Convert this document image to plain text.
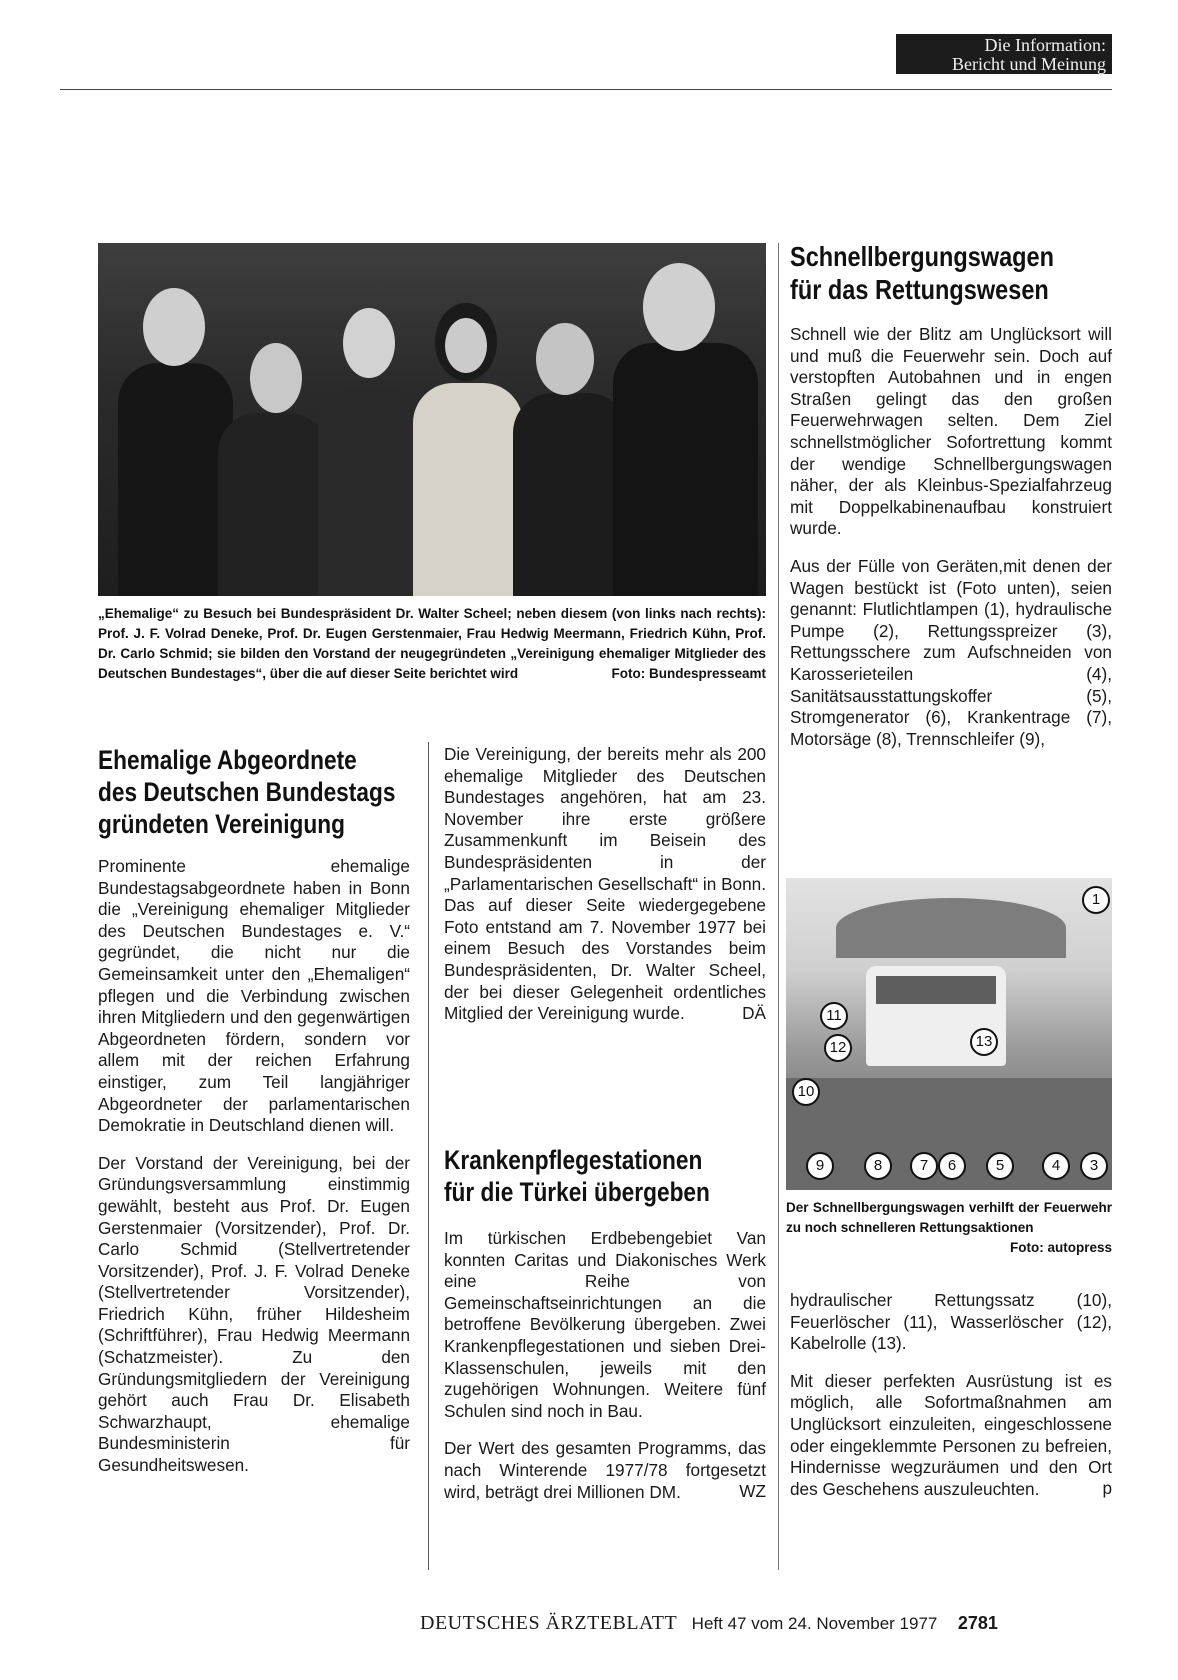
Die Information:
Bericht und Meinung
„Ehemalige“ zu Besuch bei Bundespräsident Dr. Walter Scheel; neben diesem (von links nach rechts): Prof. J. F. Volrad Deneke, Prof. Dr. Eugen Gerstenmaier, Frau Hedwig Meermann, Friedrich Kühn, Prof. Dr. Carlo Schmid; sie bilden den Vorstand der neugegründeten „Vereinigung ehemaliger Mitglieder des Deutschen Bundestages“, über die auf dieser Seite berichtet wird	Foto: Bundespresseamt
Ehemalige Abgeordnete
des Deutschen Bundestags
gründeten Vereinigung

Prominente ehemalige Bundestagsabgeordnete haben in Bonn die „Vereinigung ehemaliger Mitglieder des Deutschen Bundestages e. V.“ gegründet, die nicht nur die Gemeinsamkeit unter den „Ehemaligen“ pflegen und die Verbindung zwischen ihren Mitgliedern und den gegenwärtigen Abgeordneten fördern, sondern vor allem mit der reichen Erfahrung einstiger, zum Teil langjähriger Abgeordneter der parlamentarischen Demokratie in Deutschland dienen will.

Der Vorstand der Vereinigung, bei der Gründungsversammlung einstimmig gewählt, besteht aus Prof. Dr. Eugen Gerstenmaier (Vorsitzender), Prof. Dr. Carlo Schmid (Stellvertretender Vorsitzender), Prof. J. F. Volrad Deneke (Stellvertretender Vorsitzender), Friedrich Kühn, früher Hildesheim (Schriftführer), Frau Hedwig Meermann (Schatzmeister). Zu den Gründungsmitgliedern der Vereinigung gehört auch Frau Dr. Elisabeth Schwarzhaupt, ehemalige Bundesministerin für Gesundheitswesen.

Die Vereinigung, der bereits mehr als 200 ehemalige Mitglieder des Deutschen Bundestages angehören, hat am 23. November ihre erste größere Zusammenkunft im Beisein des Bundespräsidenten in der „Parlamentarischen Gesellschaft“ in Bonn. Das auf dieser Seite wiedergegebene Foto entstand am 7. November 1977 bei einem Besuch des Vorstandes beim Bundespräsidenten, Dr. Walter Scheel, der bei dieser Gelegenheit ordentliches Mitglied der Vereinigung wurde.	DÄ
Krankenpflegestationen
für die Türkei übergeben

Im türkischen Erdbebengebiet Van konnten Caritas und Diakonisches Werk eine Reihe von Gemeinschaftseinrichtungen an die betroffene Bevölkerung übergeben. Zwei Krankenpflegestationen und sieben Drei-Klassenschulen, jeweils mit den zugehörigen Wohnungen. Weitere fünf Schulen sind noch in Bau.

Der Wert des gesamten Programms, das nach Winterende 1977/78 fortgesetzt wird, beträgt drei Millionen DM.	WZ
Schnellbergungswagen
für das Rettungswesen

Schnell wie der Blitz am Unglücksort will und muß die Feuerwehr sein. Doch auf verstopften Autobahnen und in engen Straßen gelingt das den großen Feuerwehrwagen selten. Dem Ziel schnellstmöglicher Sofortrettung kommt der wendige Schnellbergungswagen näher, der als Kleinbus-Spezialfahrzeug mit Doppelkabinenaufbau konstruiert wurde.

Aus der Fülle von Geräten,mit denen der Wagen bestückt ist (Foto unten), seien genannt: Flutlichtlampen (1), hydraulische Pumpe (2), Rettungsspreizer (3), Rettungsschere zum Aufschneiden von Karosserieteilen (4), Sanitätsausstattungskoffer (5), Stromgenerator (6), Krankentrage (7), Motorsäge (8), Trennschleifer (9),

1
11
12	13
10
9	8	7	6	5	4	3
Der Schnellbergungswagen verhilft der Feuerwehr zu noch schnelleren Rettungsaktionen
Foto: autopress

hydraulischer Rettungssatz (10), Feuerlöscher (11), Wasserlöscher (12), Kabelrolle (13).

Mit dieser perfekten Ausrüstung ist es möglich, alle Sofortmaßnahmen am Unglücksort einzuleiten, eingeschlossene oder eingeklemmte Personen zu befreien, Hindernisse wegzuräumen und den Ort des Geschehens auszuleuchten.	p
DEUTSCHES ÄRZTEBLATT Heft 47 vom 24. November 1977 2781
